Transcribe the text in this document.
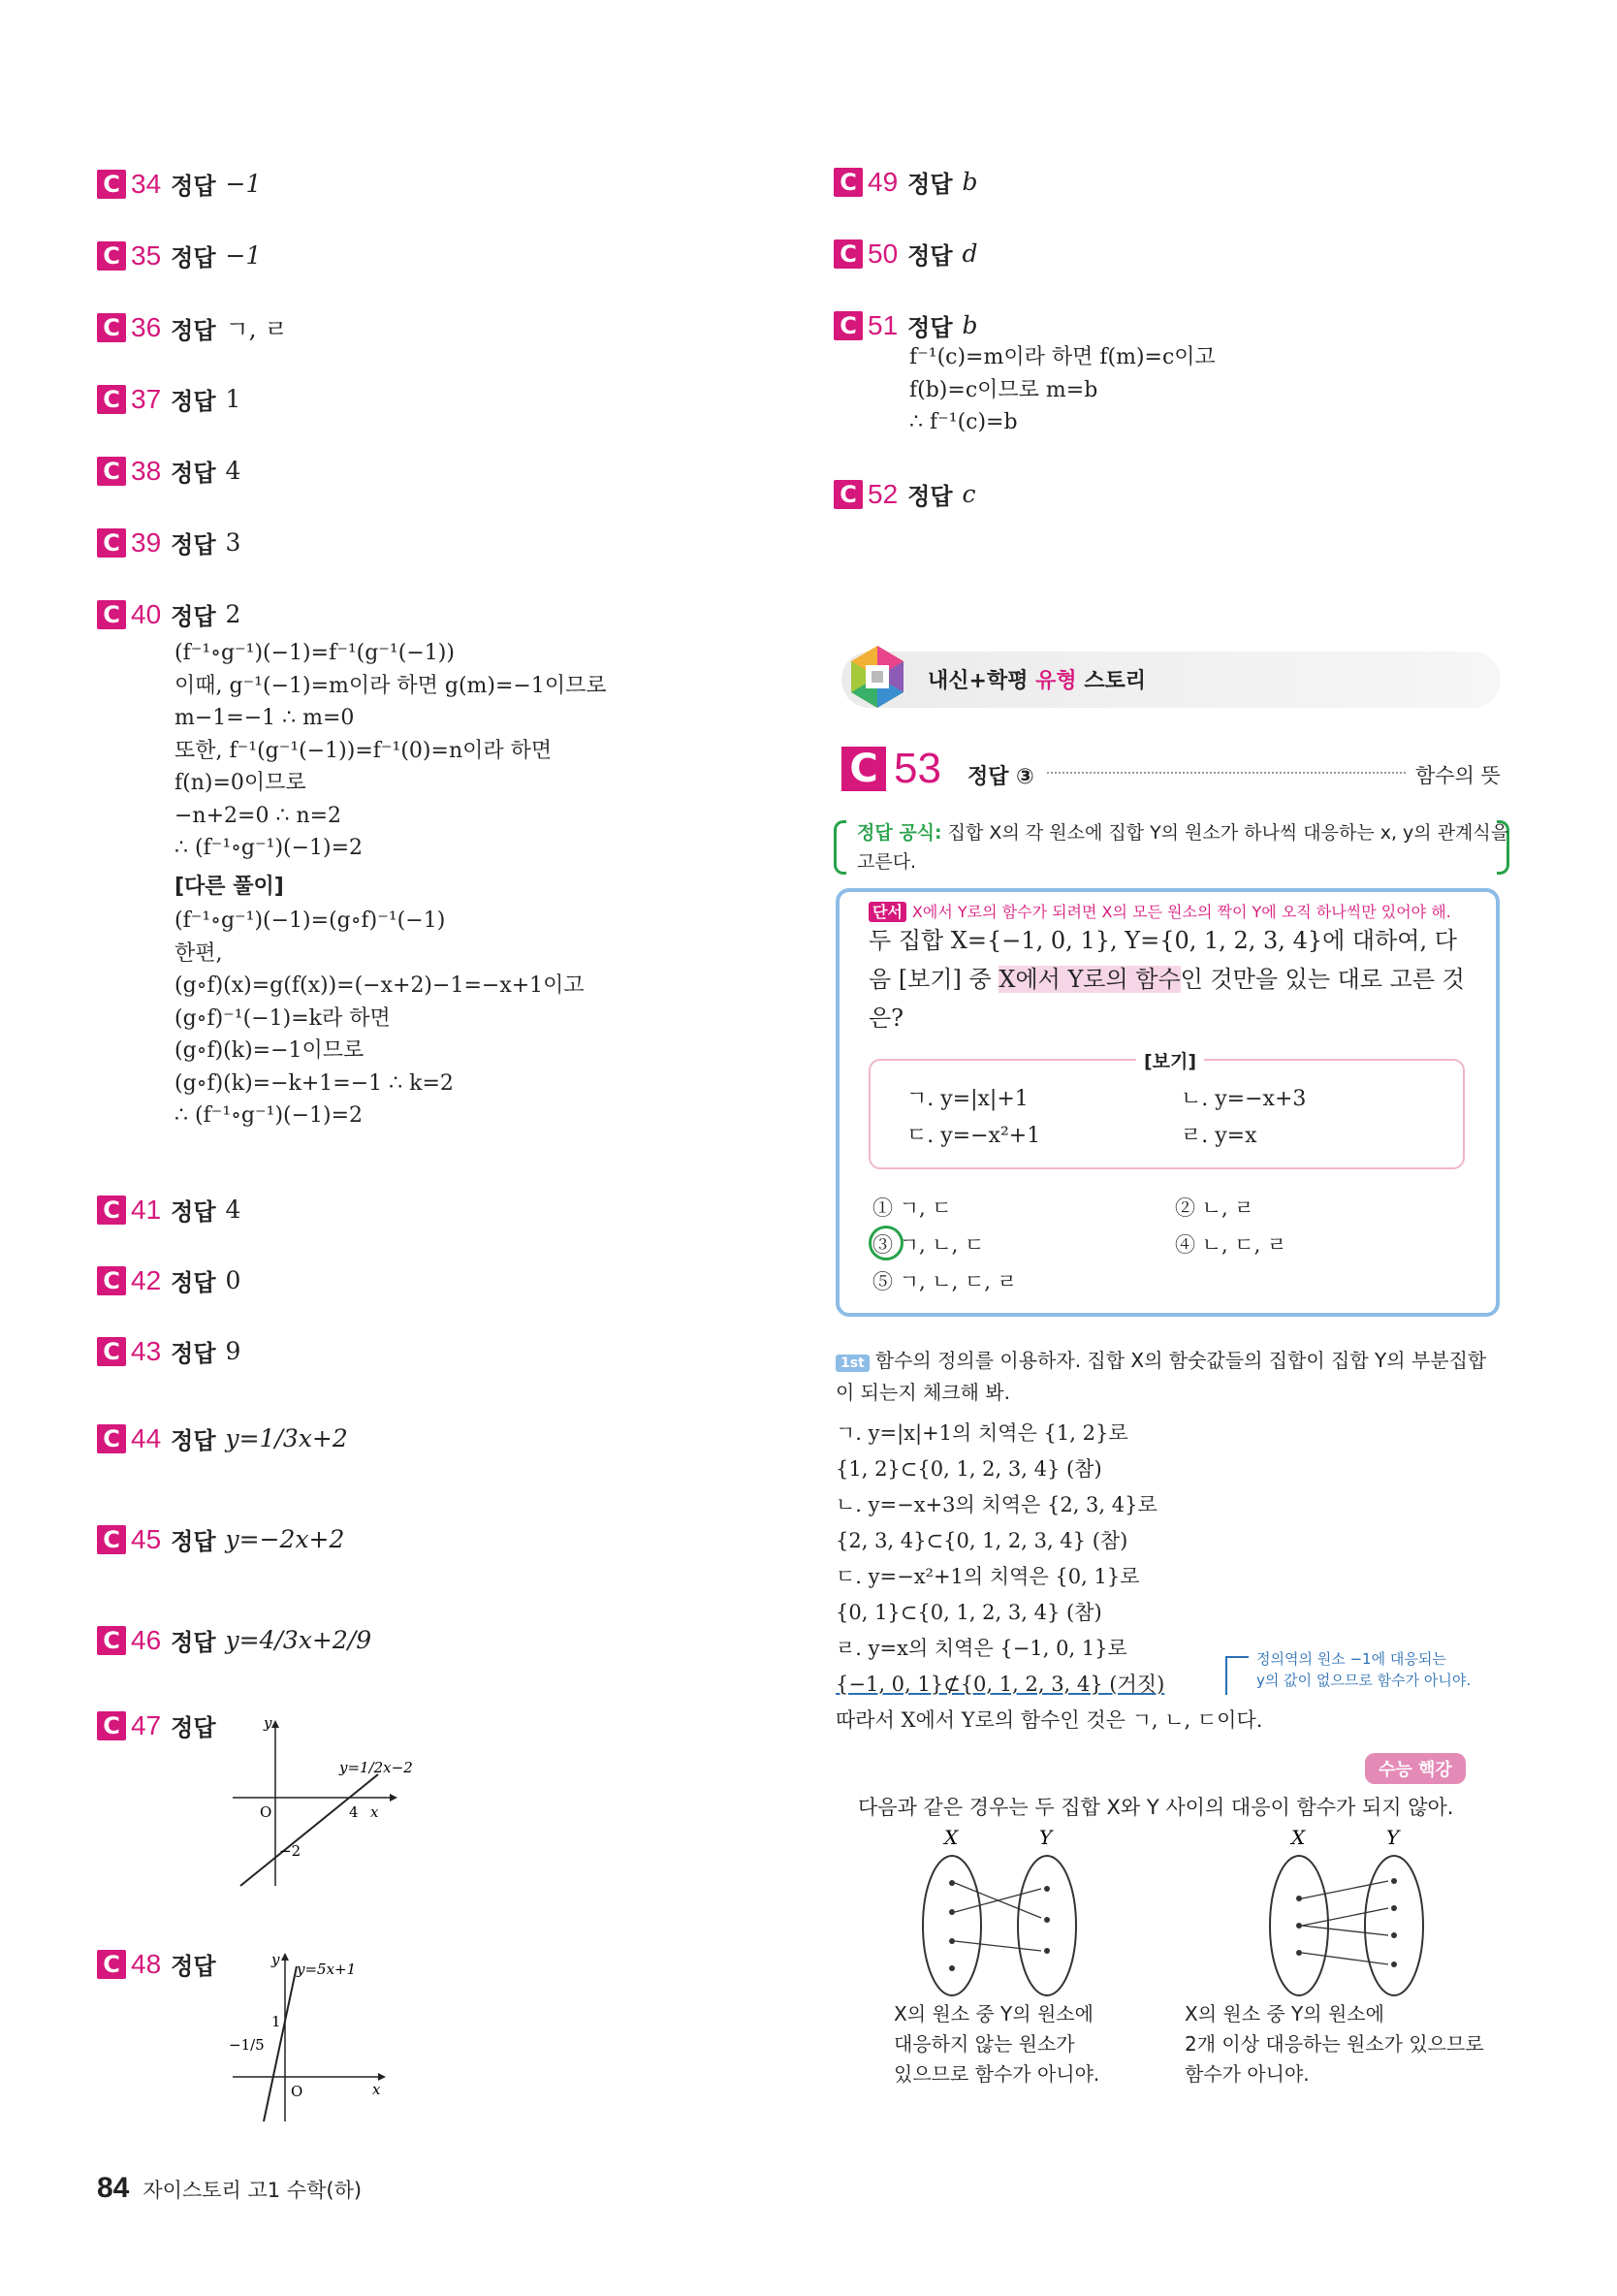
C 34 정답 −1
C 35 정답 −1
C 36 정답 ㄱ, ㄹ
C 37 정답 1
C 38 정답 4
C 39 정답 3
C 40 정답 2
(f⁻¹∘g⁻¹)(−1)=f⁻¹(g⁻¹(−1))
이때, g⁻¹(−1)=m이라 하면 g(m)=−1이므로
m−1=−1 ∴ m=0
또한, f⁻¹(g⁻¹(−1))=f⁻¹(0)=n이라 하면
f(n)=0이므로
−n+2=0 ∴ n=2
∴ (f⁻¹∘g⁻¹)(−1)=2
[다른 풀이]
(f⁻¹∘g⁻¹)(−1)=(g∘f)⁻¹(−1)
한편,
(g∘f)(x)=g(f(x))=(−x+2)−1=−x+1이고
(g∘f)⁻¹(−1)=k라 하면
(g∘f)(k)=−1이므로
(g∘f)(k)=−k+1=−1 ∴ k=2
∴ (f⁻¹∘g⁻¹)(−1)=2
C 41 정답 4
C 42 정답 0
C 43 정답 9
C 44 정답 y=1/3x+2
C 45 정답 y=−2x+2
C 46 정답 y=4/3x+2/9
C 47 정답	y
x
O	4
−2
y=1/2x−2
C 48 정답	y
x
O
−1/5
1
y=5x+1
C 49 정답 b
C 50 정답 d
C 51 정답 b
f⁻¹(c)=m이라 하면 f(m)=c이고
f(b)=c이므로 m=b
∴ f⁻¹(c)=b
C 52 정답 c
내신+학평 유형 스토리
C 53 정답 ③	함수의 뜻
정답 공식: 집합 X의 각 원소에 집합 Y의 원소가 하나씩 대응하는 x, y의 관계식을 고른다.
단서 X에서 Y로의 함수가 되려면 X의 모든 원소의 짝이 Y에 오직 하나씩만 있어야 해.
두 집합 X={−1, 0, 1}, Y={0, 1, 2, 3, 4}에 대하여, 다음 [보기] 중 X에서 Y로의 함수인 것만을 있는 대로 고른 것은?
[보기]
ㄱ. y=|x|+1	ㄴ. y=−x+3
ㄷ. y=−x²+1	ㄹ. y=x
① ㄱ, ㄷ	② ㄴ, ㄹ
③ ㄱ, ㄴ, ㄷ	④ ㄴ, ㄷ, ㄹ
⑤ ㄱ, ㄴ, ㄷ, ㄹ
1st 함수의 정의를 이용하자. 집합 X의 함숫값들의 집합이 집합 Y의 부분집합이 되는지 체크해 봐.
ㄱ. y=|x|+1의 치역은 {1, 2}로
{1, 2}⊂{0, 1, 2, 3, 4} (참)
ㄴ. y=−x+3의 치역은 {2, 3, 4}로
{2, 3, 4}⊂{0, 1, 2, 3, 4} (참)
ㄷ. y=−x²+1의 치역은 {0, 1}로
{0, 1}⊂{0, 1, 2, 3, 4} (참)
ㄹ. y=x의 치역은 {−1, 0, 1}로
{−1, 0, 1}⊄{0, 1, 2, 3, 4} (거짓)
따라서 X에서 Y로의 함수인 것은 ㄱ, ㄴ, ㄷ이다.
정의역의 원소 −1에 대응되는
y의 값이 없으므로 함수가 아니야.
수능 핵강
다음과 같은 경우는 두 집합 X와 Y 사이의 대응이 함수가 되지 않아.
X	Y
X의 원소 중 Y의 원소에
대응하지 않는 원소가
있으므로 함수가 아니야.
X	Y
X의 원소 중 Y의 원소에
2개 이상 대응하는 원소가 있으므로
함수가 아니야.
84 자이스토리 고1 수학(하)
